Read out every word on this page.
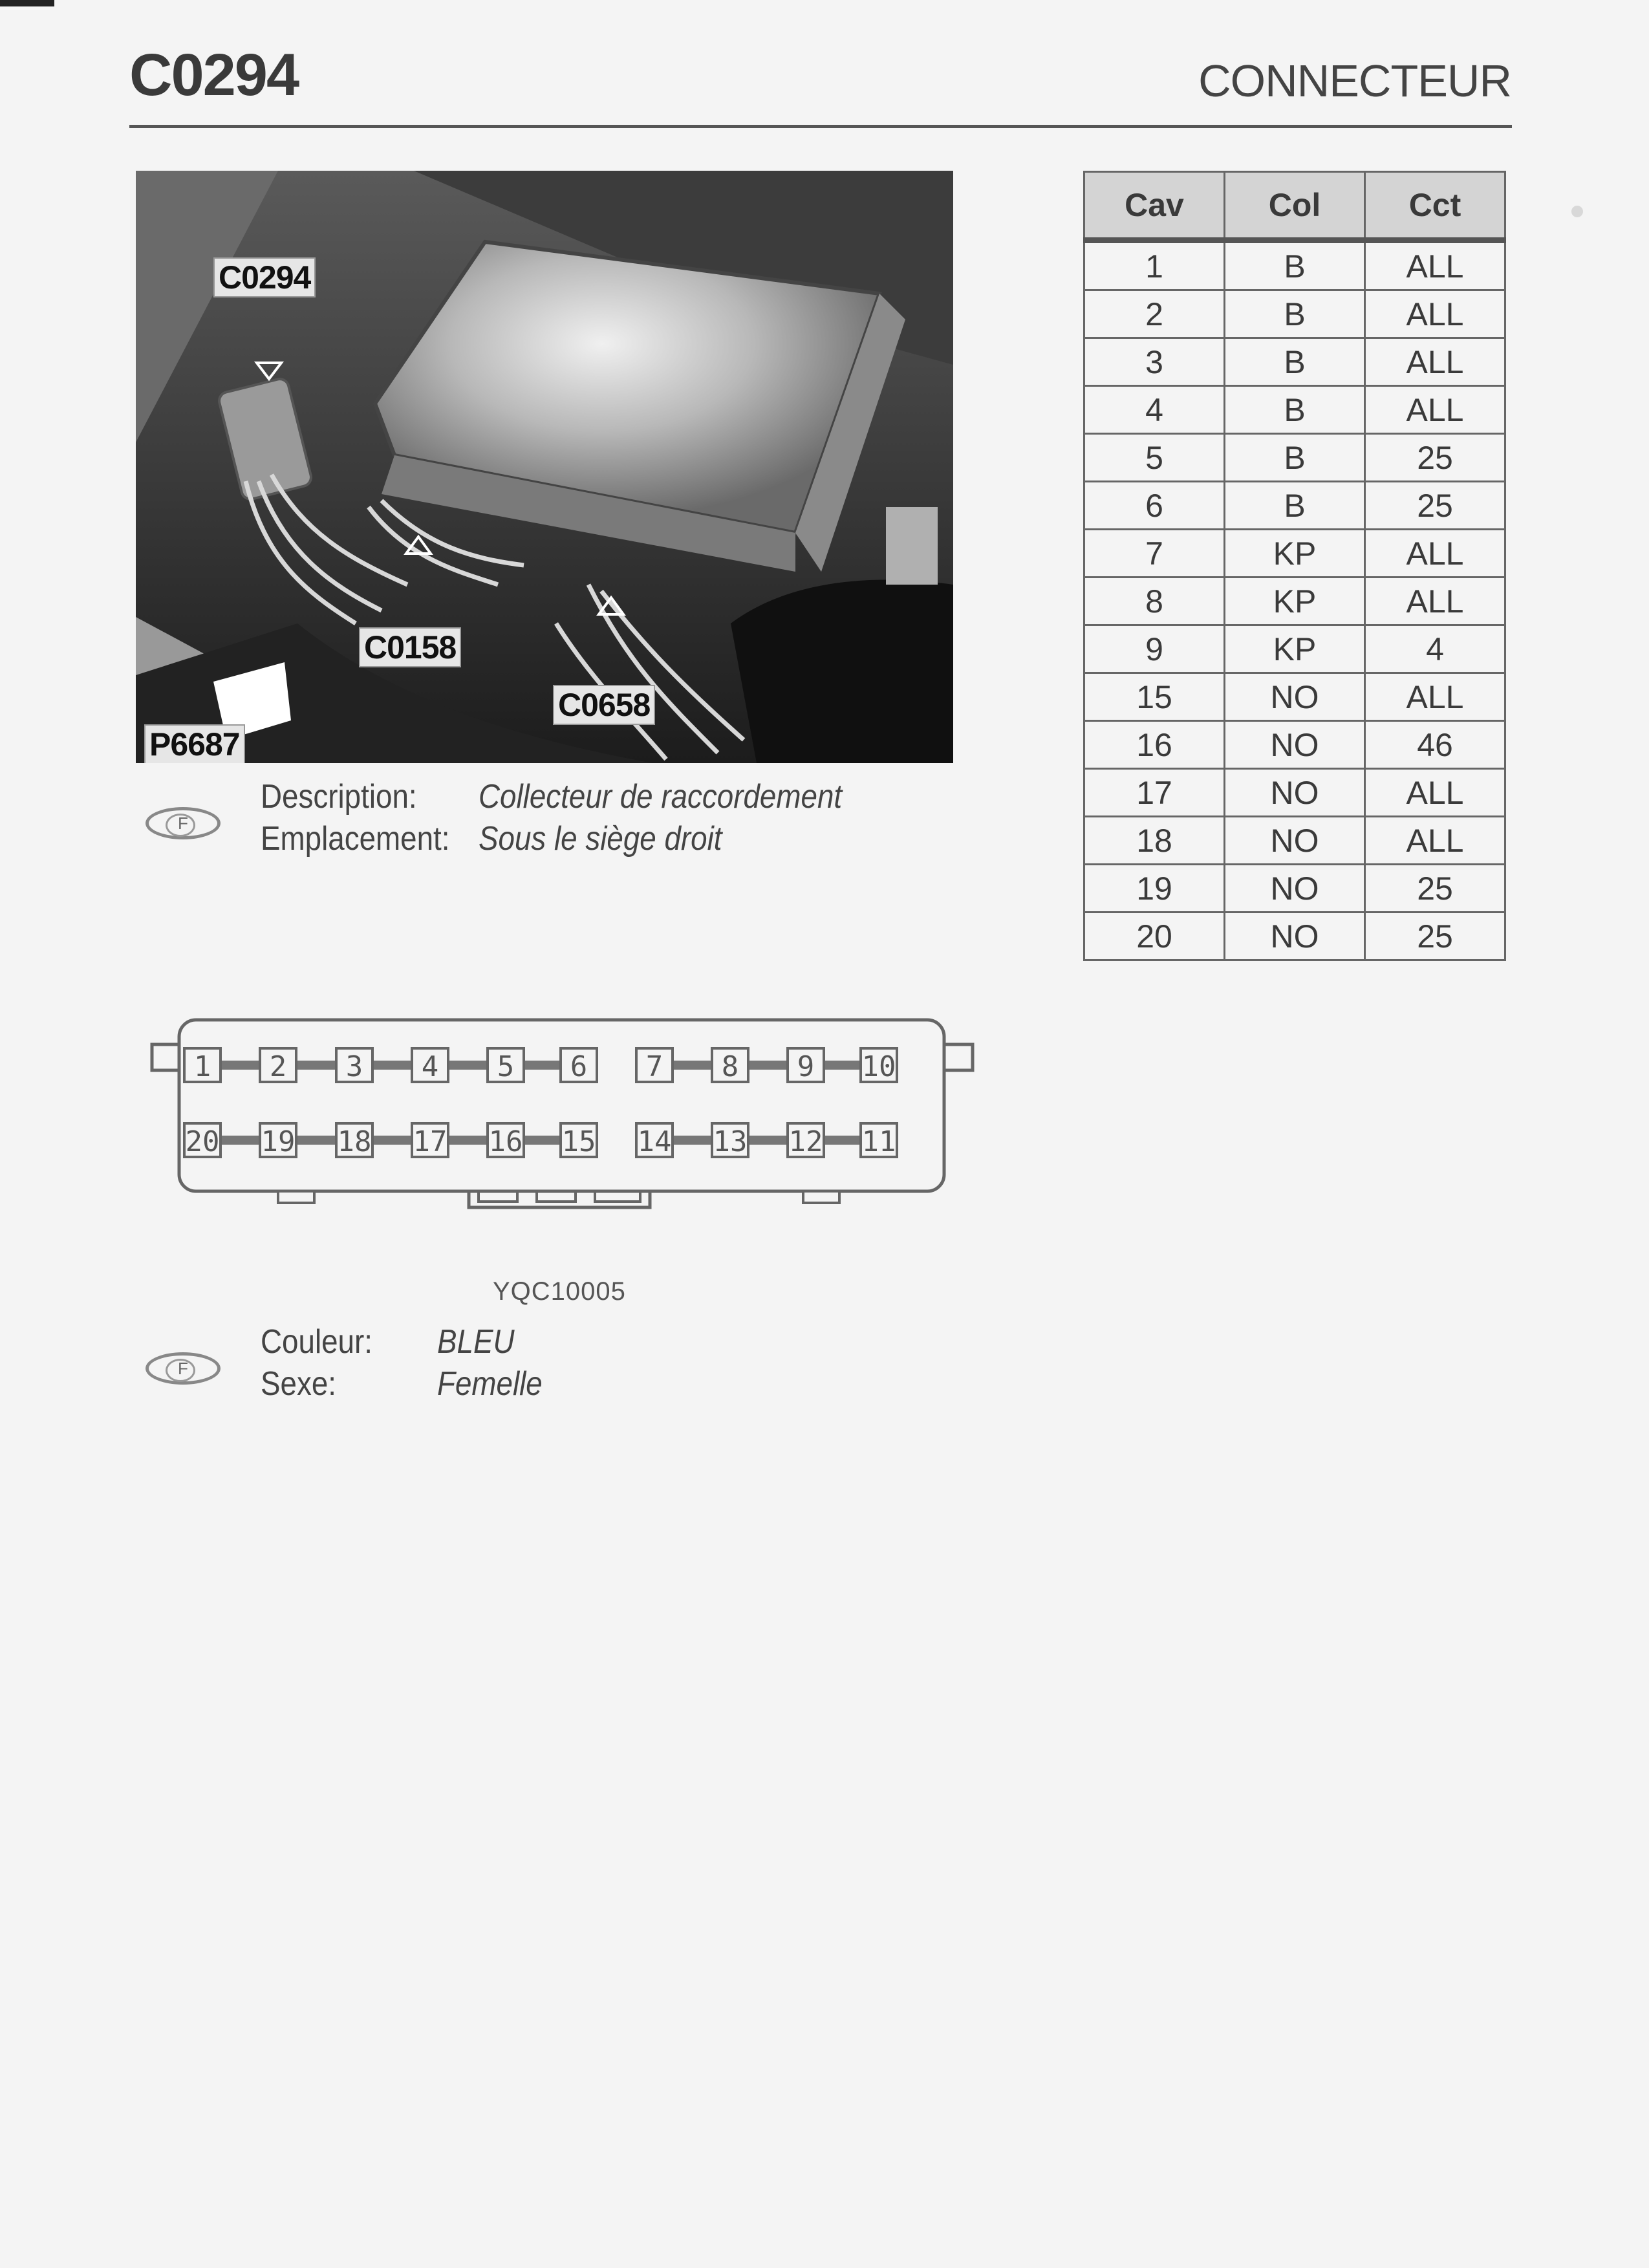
C0294	CONNECTEUR
C0294
C0158
C0658
P6687
F
Description: Collecteur de raccordement
Emplacement: Sous le siège droit
Cav	Col	Cct
1	B	ALL
2	B	ALL
3	B	ALL
4	B	ALL
5	B	25
6	B	25
7	KP	ALL
8	KP	ALL
9	KP	4
15	NO	ALL
16	NO	46
17	NO	ALL
18	NO	ALL
19	NO	25
20	NO	25
1 2 3 4 5 6 7 8 9 10
20 19 18 17 16 15 14 13 12 11
YQC10005
F
Couleur: BLEU
Sexe:	Femelle
